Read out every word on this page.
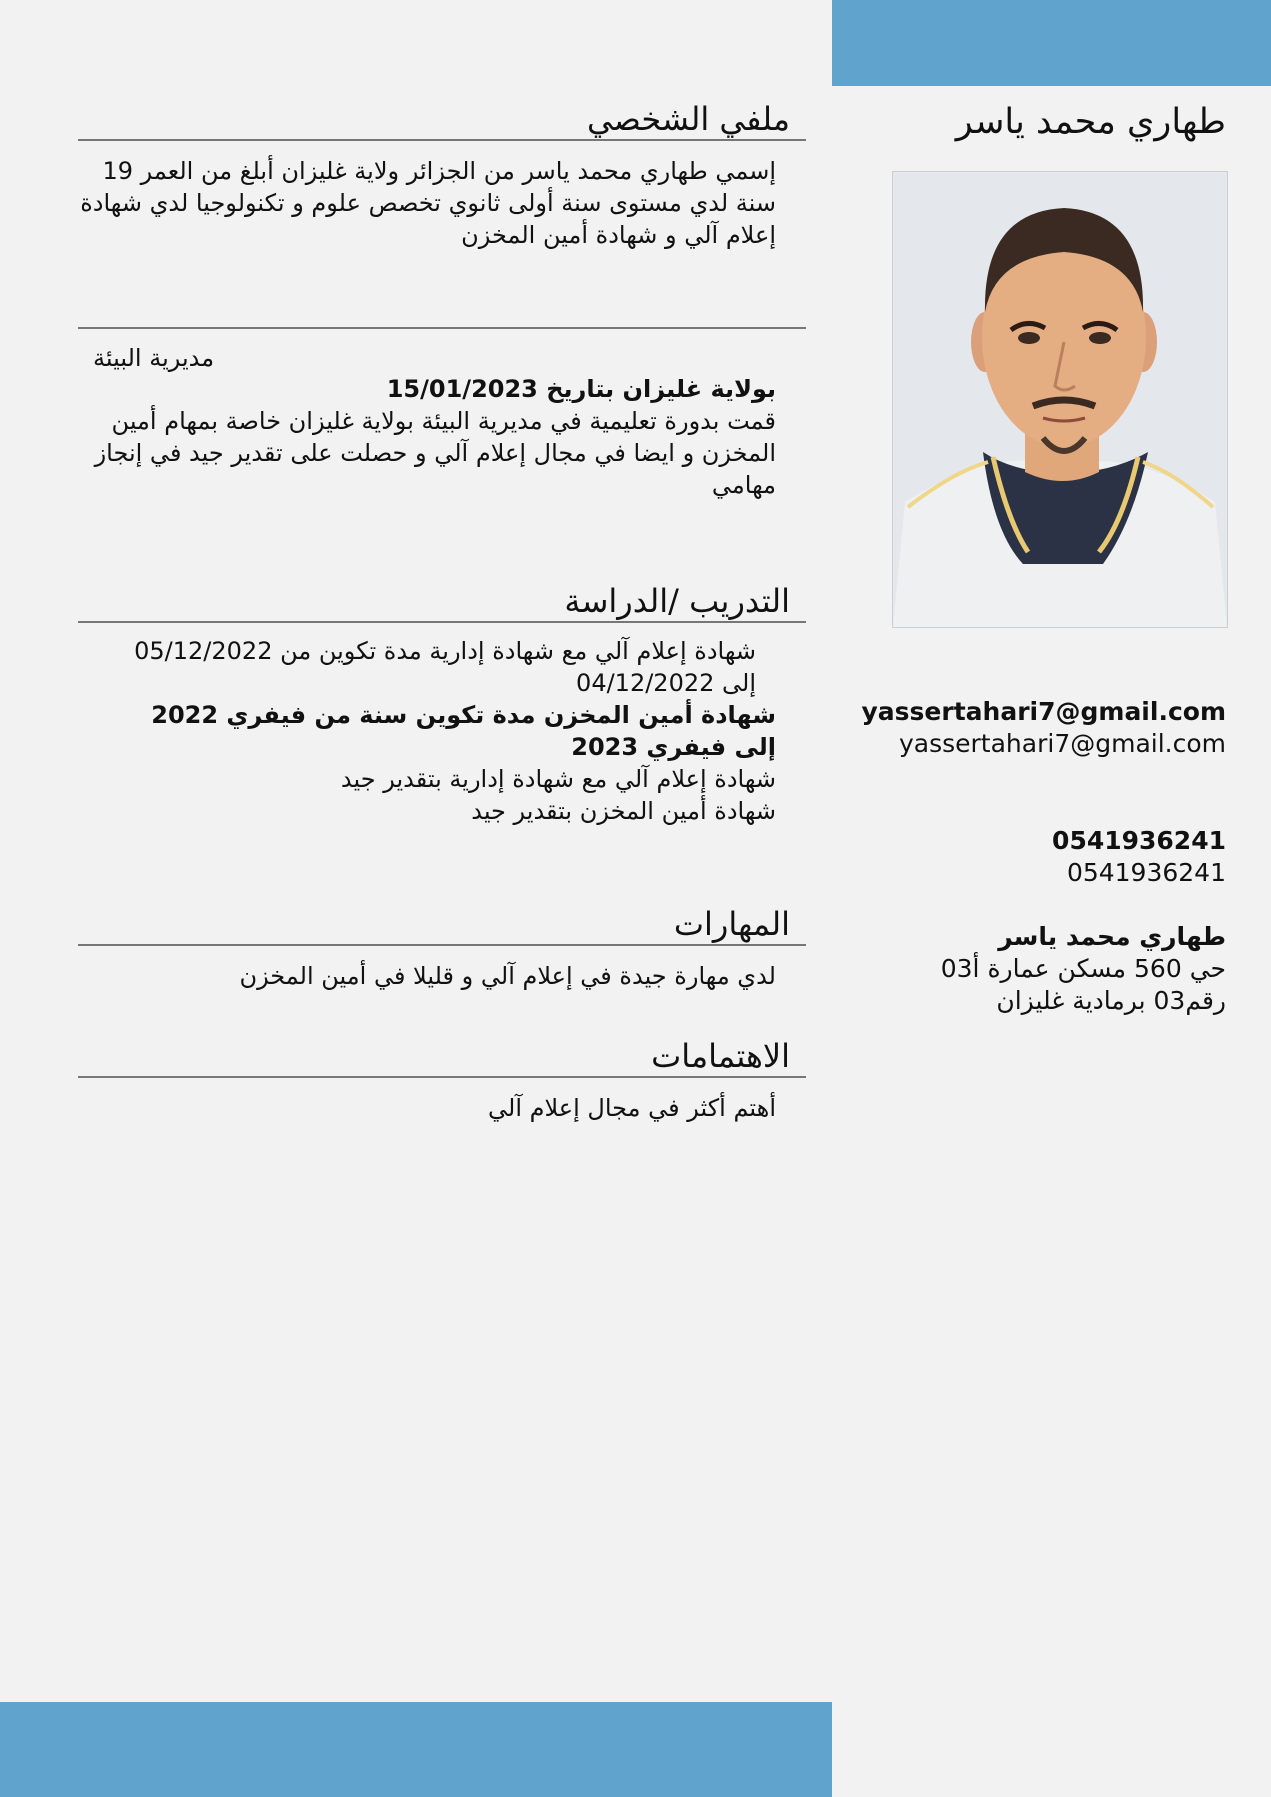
طهاري محمد ياسر
yassertahari7@gmail.com
yassertahari7@gmail.com
0541936241
0541936241
طهاري محمد ياسر
حي 560 مسكن عمارة أ03
رقم03 برمادية غليزان
ملفي الشخصي

إسمي طهاري محمد ياسر من الجزائر ولاية غليزان أبلغ من العمر 19 سنة لدي مستوى سنة أولى ثانوي تخصص علوم و تكنولوجيا لدي شهادة إعلام آلي و شهادة أمين المخزن

مديرية البيئة

بولاية غليزان بتاريخ 15/01/2023

قمت بدورة تعليمية في مديرية البيئة بولاية غليزان خاصة بمهام أمين المخزن و ايضا في مجال إعلام آلي و حصلت على تقدير جيد في إنجاز مهامي

التدريب /الدراسة

شهادة إعلام آلي مع شهادة إدارية مدة تكوين من 05/12/2022 إلى 04/12/2022

شهادة أمين المخزن مدة تكوين سنة من فيفري 2022 إلى فيفري 2023

شهادة إعلام آلي مع شهادة إدارية بتقدير جيد

شهادة أمين المخزن بتقدير جيد

المهارات

لدي مهارة جيدة في إعلام آلي و قليلا في أمين المخزن

الاهتمامات

أهتم أكثر في مجال إعلام آلي
